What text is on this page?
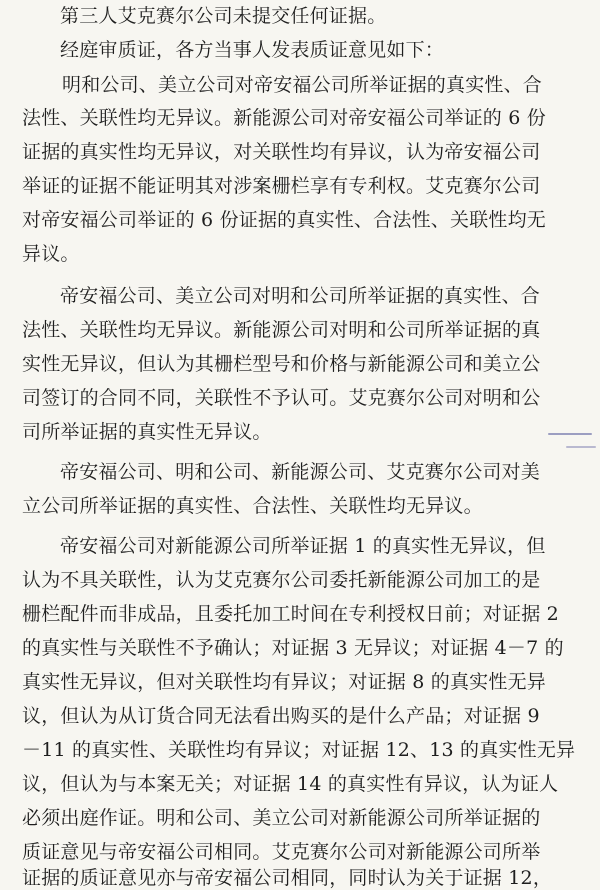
第三人艾克赛尔公司未提交任何证据。
经庭审质证，各方当事人发表质证意见如下：
明和公司、美立公司对帝安福公司所举证据的真实性、合
法性、关联性均无异议。新能源公司对帝安福公司举证的 6 份
证据的真实性均无异议，对关联性均有异议，认为帝安福公司
举证的证据不能证明其对涉案栅栏享有专利权。艾克赛尔公司
对帝安福公司举证的 6 份证据的真实性、合法性、关联性均无
异议。
帝安福公司、美立公司对明和公司所举证据的真实性、合
法性、关联性均无异议。新能源公司对明和公司所举证据的真
实性无异议，但认为其栅栏型号和价格与新能源公司和美立公
司签订的合同不同，关联性不予认可。艾克赛尔公司对明和公
司所举证据的真实性无异议。
帝安福公司、明和公司、新能源公司、艾克赛尔公司对美
立公司所举证据的真实性、合法性、关联性均无异议。
帝安福公司对新能源公司所举证据 1 的真实性无异议，但
认为不具关联性，认为艾克赛尔公司委托新能源公司加工的是
栅栏配件而非成品，且委托加工时间在专利授权日前；对证据 2
的真实性与关联性不予确认；对证据 3 无异议；对证据 4－7 的
真实性无异议，但对关联性均有异议；对证据 8 的真实性无异
议，但认为从订货合同无法看出购买的是什么产品；对证据 9
－11 的真实性、关联性均有异议；对证据 12、13 的真实性无异
议，但认为与本案无关；对证据 14 的真实性有异议，认为证人
必须出庭作证。明和公司、美立公司对新能源公司所举证据的
质证意见与帝安福公司相同。艾克赛尔公司对新能源公司所举
证据的质证意见亦与帝安福公司相同，同时认为关于证据 12，
